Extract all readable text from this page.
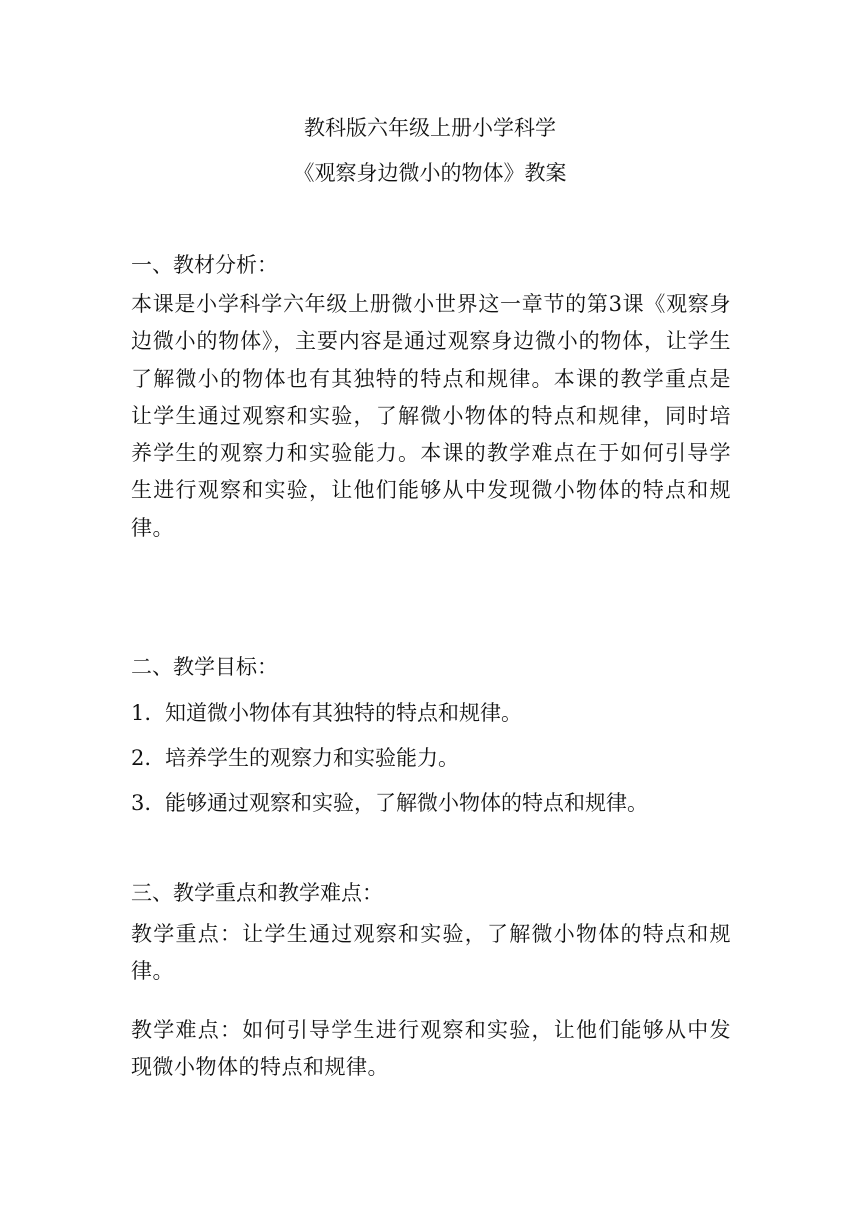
教科版六年级上册小学科学
《观察身边微小的物体》教案
一、教材分析：
本课是小学科学六年级上册微小世界这一章节的第3课《观察身边微小的物体》，主要内容是通过观察身边微小的物体，让学生了解微小的物体也有其独特的特点和规律。本课的教学重点是让学生通过观察和实验，了解微小物体的特点和规律，同时培养学生的观察力和实验能力。本课的教学难点在于如何引导学生进行观察和实验，让他们能够从中发现微小物体的特点和规律。
二、教学目标：
1. 知道微小物体有其独特的特点和规律。
2. 培养学生的观察力和实验能力。
3. 能够通过观察和实验，了解微小物体的特点和规律。
三、教学重点和教学难点：
教学重点：让学生通过观察和实验，了解微小物体的特点和规律。
教学难点：如何引导学生进行观察和实验，让他们能够从中发现微小物体的特点和规律。
